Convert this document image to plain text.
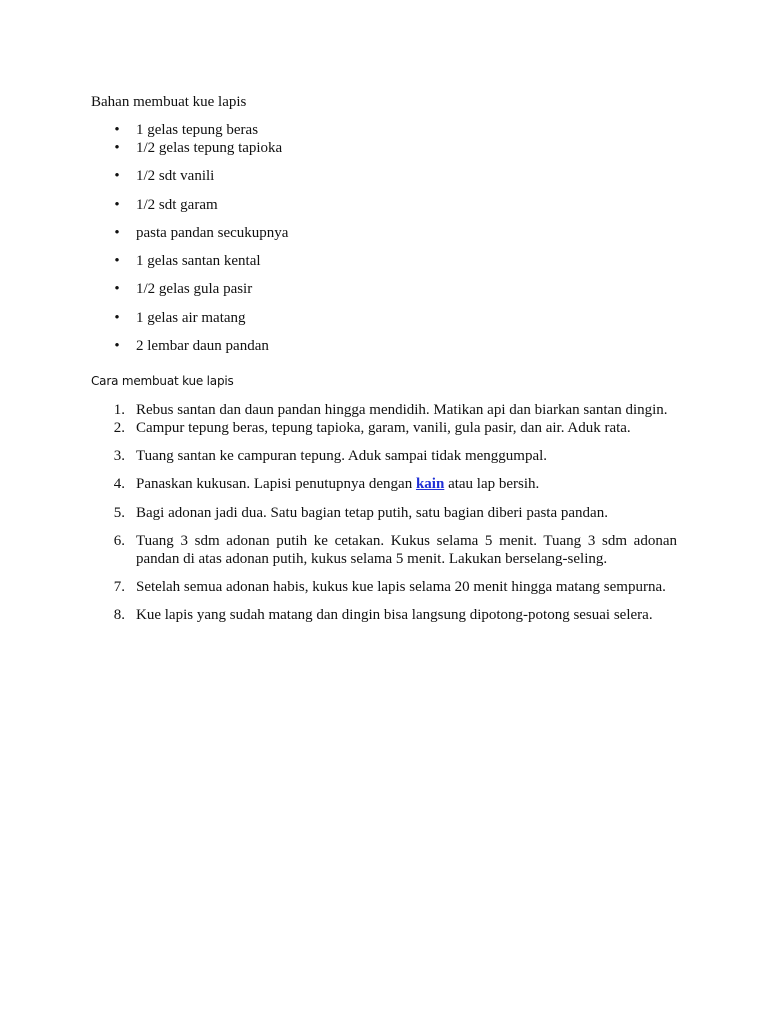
Bahan membuat kue lapis

• 1 gelas tepung beras
• 1/2 gelas tepung tapioka
• 1/2 sdt vanili
• 1/2 sdt garam
• pasta pandan secukupnya
• 1 gelas santan kental
• 1/2 gelas gula pasir
• 1 gelas air matang
• 2 lembar daun pandan

Cara membuat kue lapis

1. Rebus santan dan daun pandan hingga mendidih. Matikan api dan biarkan santan dingin.
2. Campur tepung beras, tepung tapioka, garam, vanili, gula pasir, dan air. Aduk rata.
3. Tuang santan ke campuran tepung. Aduk sampai tidak menggumpal.
4. Panaskan kukusan. Lapisi penutupnya dengan kain atau lap bersih.
5. Bagi adonan jadi dua. Satu bagian tetap putih, satu bagian diberi pasta pandan.
6. Tuang 3 sdm adonan putih ke cetakan. Kukus selama 5 menit. Tuang 3 sdm adonan pandan di atas adonan putih, kukus selama 5 menit. Lakukan berselang-seling.
7. Setelah semua adonan habis, kukus kue lapis selama 20 menit hingga matang sempurna.
8. Kue lapis yang sudah matang dan dingin bisa langsung dipotong-potong sesuai selera.
